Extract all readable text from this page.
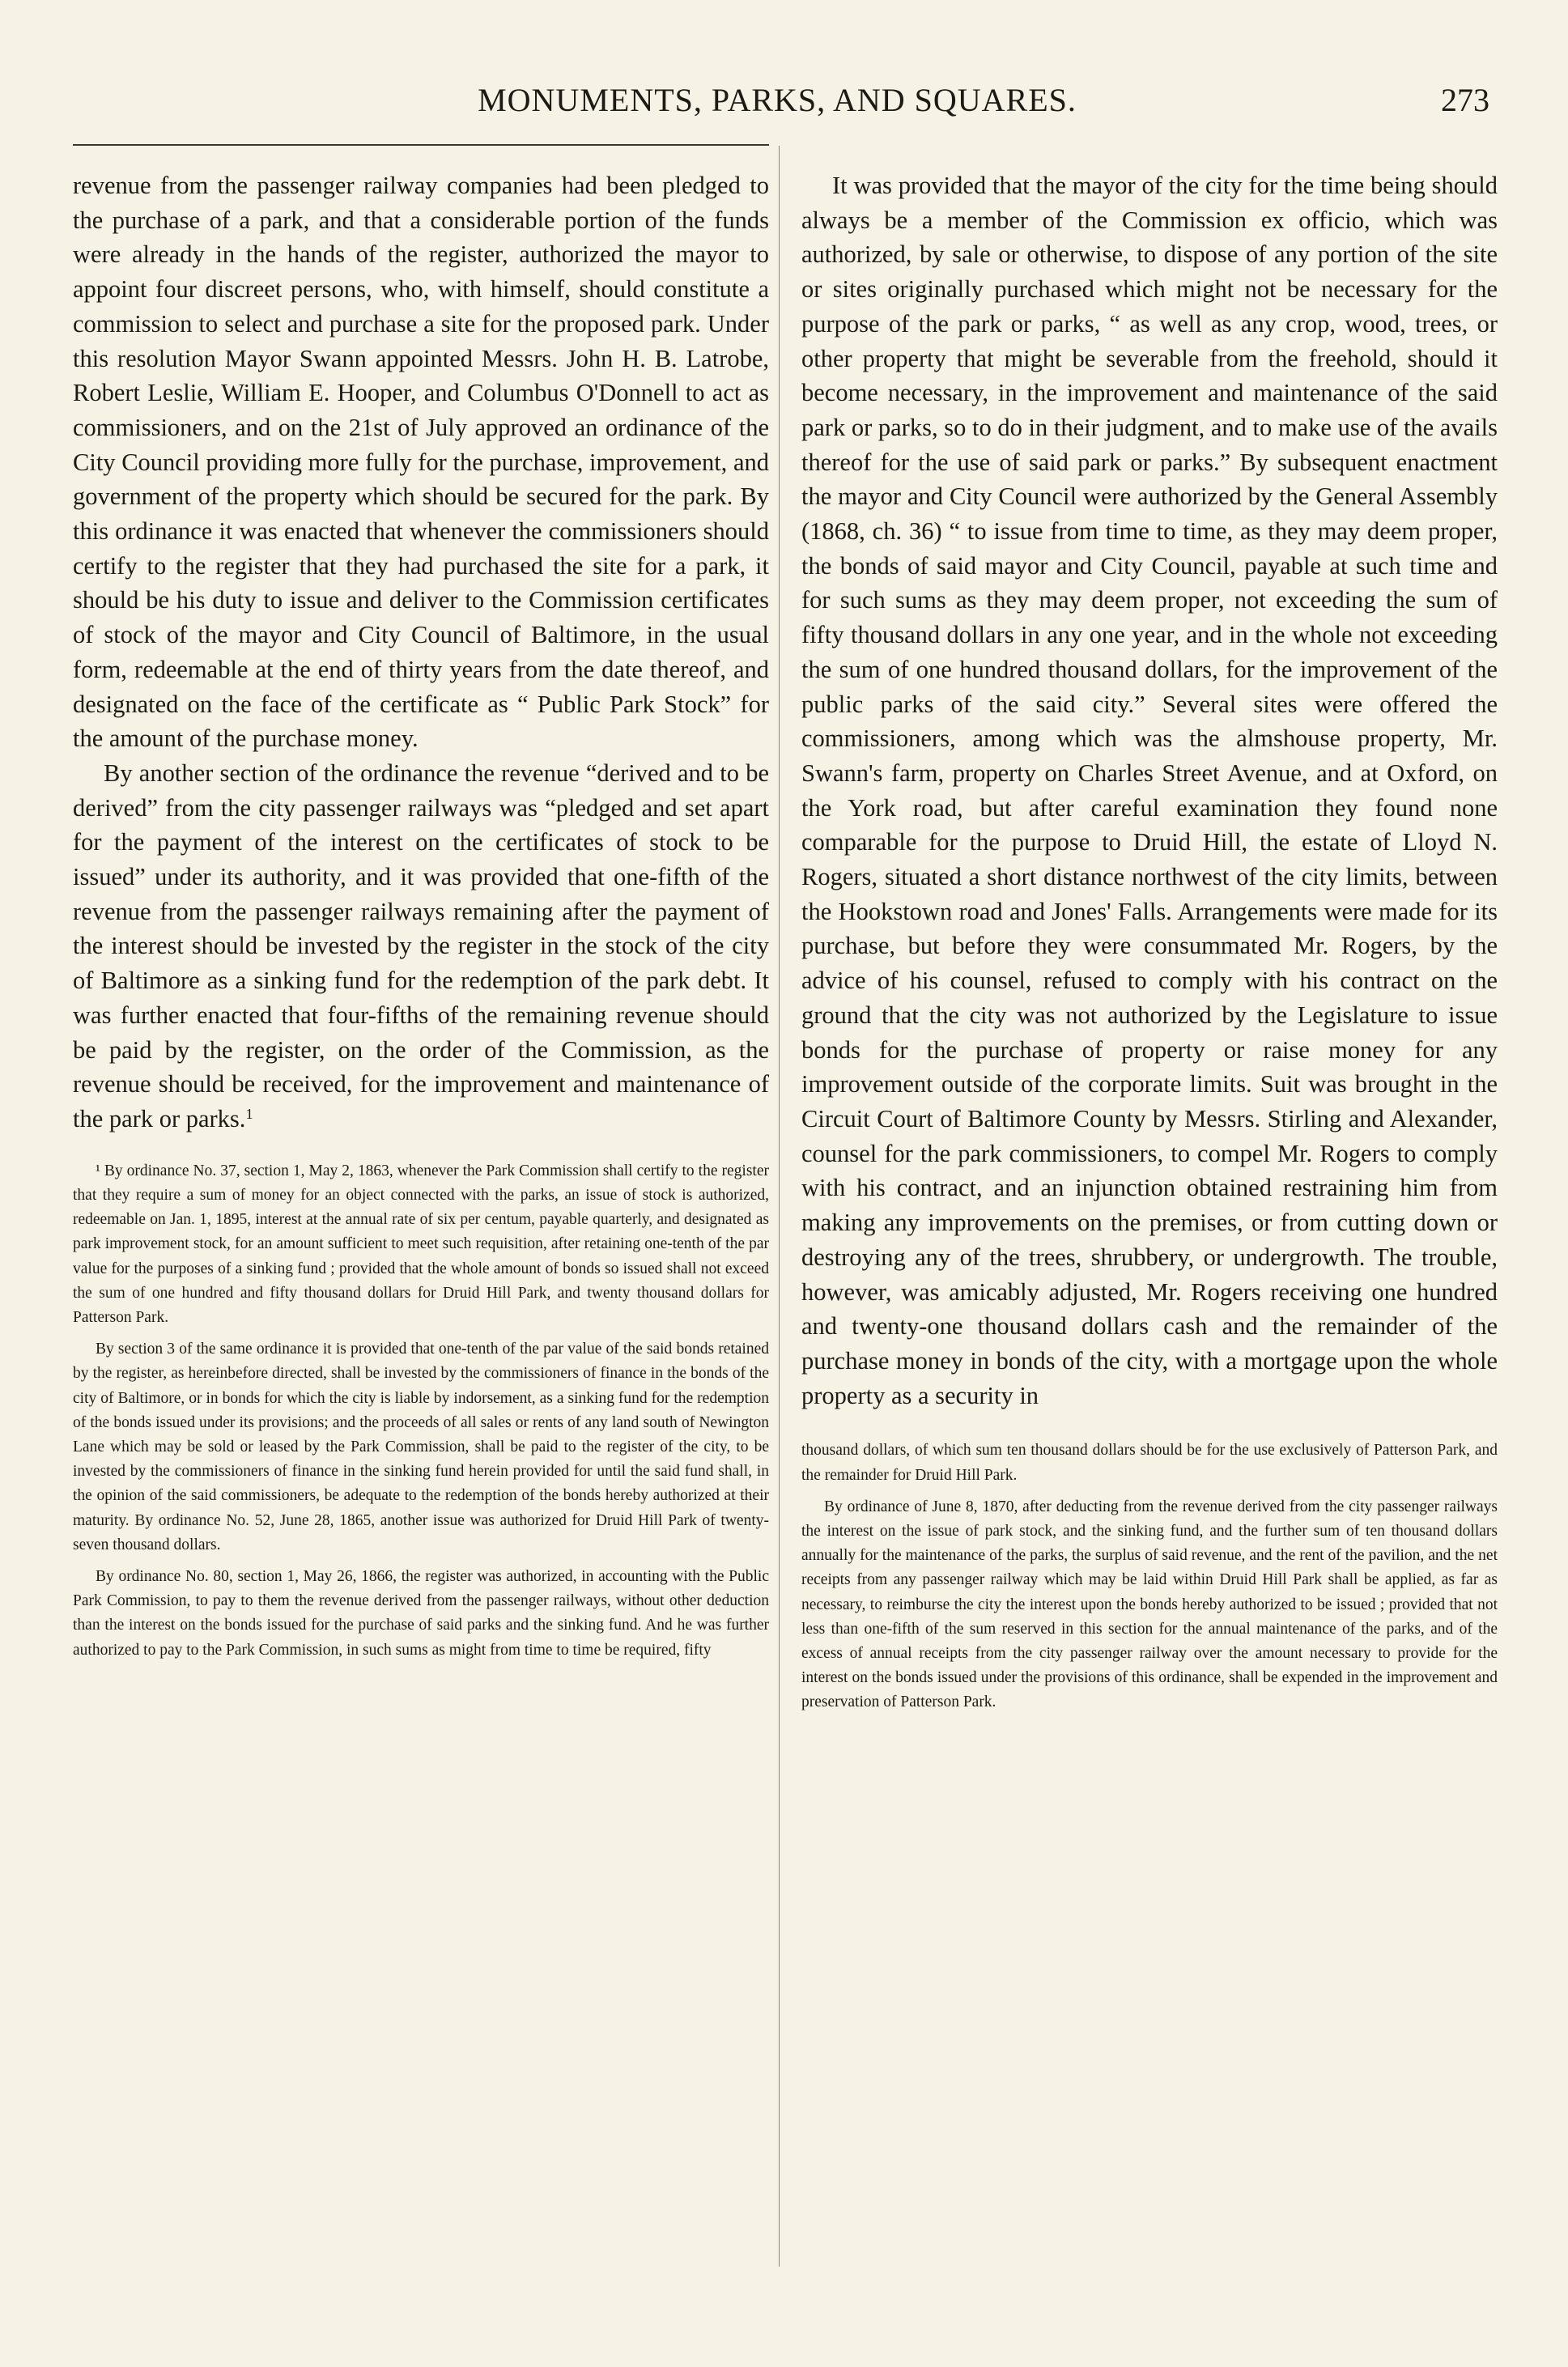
MONUMENTS, PARKS, AND SQUARES.	273

revenue from the passenger railway companies had been pledged to the purchase of a park, and that a considerable portion of the funds were already in the hands of the register, authorized the mayor to appoint four discreet persons, who, with himself, should constitute a commission to select and purchase a site for the proposed park. Under this resolution Mayor Swann appointed Messrs. John H. B. Latrobe, Robert Leslie, William E. Hooper, and Columbus O'Donnell to act as commissioners, and on the 21st of July approved an ordinance of the City Council providing more fully for the purchase, improvement, and government of the property which should be secured for the park. By this ordinance it was enacted that whenever the commissioners should certify to the register that they had purchased the site for a park, it should be his duty to issue and deliver to the Commission certificates of stock of the mayor and City Council of Baltimore, in the usual form, redeemable at the end of thirty years from the date thereof, and designated on the face of the certificate as “ Public Park Stock” for the amount of the purchase money.

By another section of the ordinance the revenue “derived and to be derived” from the city passenger railways was “pledged and set apart for the payment of the interest on the certificates of stock to be issued” under its authority, and it was provided that one-fifth of the revenue from the passenger railways remaining after the payment of the interest should be invested by the register in the stock of the city of Baltimore as a sinking fund for the redemption of the park debt. It was further enacted that four-fifths of the remaining revenue should be paid by the register, on the order of the Commission, as the revenue should be received, for the improvement and maintenance of the park or parks.$^1$

¹ By ordinance No. 37, section 1, May 2, 1863, whenever the Park Commission shall certify to the register that they require a sum of money for an object connected with the parks, an issue of stock is authorized, redeemable on Jan. 1, 1895, interest at the annual rate of six per centum, payable quarterly, and designated as park improvement stock, for an amount sufficient to meet such requisition, after retaining one-tenth of the par value for the purposes of a sinking fund ; provided that the whole amount of bonds so issued shall not exceed the sum of one hundred and fifty thousand dollars for Druid Hill Park, and twenty thousand dollars for Patterson Park.

By section 3 of the same ordinance it is provided that one-tenth of the par value of the said bonds retained by the register, as hereinbefore directed, shall be invested by the commissioners of finance in the bonds of the city of Baltimore, or in bonds for which the city is liable by indorsement, as a sinking fund for the redemption of the bonds issued under its provisions; and the proceeds of all sales or rents of any land south of Newington Lane which may be sold or leased by the Park Commission, shall be paid to the register of the city, to be invested by the commissioners of finance in the sinking fund herein provided for until the said fund shall, in the opinion of the said commissioners, be adequate to the redemption of the bonds hereby authorized at their maturity. By ordinance No. 52, June 28, 1865, another issue was authorized for Druid Hill Park of twenty-seven thousand dollars.

By ordinance No. 80, section 1, May 26, 1866, the register was authorized, in accounting with the Public Park Commission, to pay to them the revenue derived from the passenger railways, without other deduction than the interest on the bonds issued for the purchase of said parks and the sinking fund. And he was further authorized to pay to the Park Commission, in such sums as might from time to time be required, fifty

It was provided that the mayor of the city for the time being should always be a member of the Commission ex officio, which was authorized, by sale or otherwise, to dispose of any portion of the site or sites originally purchased which might not be necessary for the purpose of the park or parks, “ as well as any crop, wood, trees, or other property that might be severable from the freehold, should it become necessary, in the improvement and maintenance of the said park or parks, so to do in their judgment, and to make use of the avails thereof for the use of said park or parks.” By subsequent enactment the mayor and City Council were authorized by the General Assembly (1868, ch. 36) “ to issue from time to time, as they may deem proper, the bonds of said mayor and City Council, payable at such time and for such sums as they may deem proper, not exceeding the sum of fifty thousand dollars in any one year, and in the whole not exceeding the sum of one hundred thousand dollars, for the improvement of the public parks of the said city.” Several sites were offered the commissioners, among which was the almshouse property, Mr. Swann's farm, property on Charles Street Avenue, and at Oxford, on the York road, but after careful examination they found none comparable for the purpose to Druid Hill, the estate of Lloyd N. Rogers, situated a short distance northwest of the city limits, between the Hookstown road and Jones' Falls. Arrangements were made for its purchase, but before they were consummated Mr. Rogers, by the advice of his counsel, refused to comply with his contract on the ground that the city was not authorized by the Legislature to issue bonds for the purchase of property or raise money for any improvement outside of the corporate limits. Suit was brought in the Circuit Court of Baltimore County by Messrs. Stirling and Alexander, counsel for the park commissioners, to compel Mr. Rogers to comply with his contract, and an injunction obtained restraining him from making any improvements on the premises, or from cutting down or destroying any of the trees, shrubbery, or undergrowth. The trouble, however, was amicably adjusted, Mr. Rogers receiving one hundred and twenty-one thousand dollars cash and the remainder of the purchase money in bonds of the city, with a mortgage upon the whole property as a security in

thousand dollars, of which sum ten thousand dollars should be for the use exclusively of Patterson Park, and the remainder for Druid Hill Park.

By ordinance of June 8, 1870, after deducting from the revenue derived from the city passenger railways the interest on the issue of park stock, and the sinking fund, and the further sum of ten thousand dollars annually for the maintenance of the parks, the surplus of said revenue, and the rent of the pavilion, and the net receipts from any passenger railway which may be laid within Druid Hill Park shall be applied, as far as necessary, to reimburse the city the interest upon the bonds hereby authorized to be issued ; provided that not less than one-fifth of the sum reserved in this section for the annual maintenance of the parks, and of the excess of annual receipts from the city passenger railway over the amount necessary to provide for the interest on the bonds issued under the provisions of this ordinance, shall be expended in the improvement and preservation of Patterson Park.
